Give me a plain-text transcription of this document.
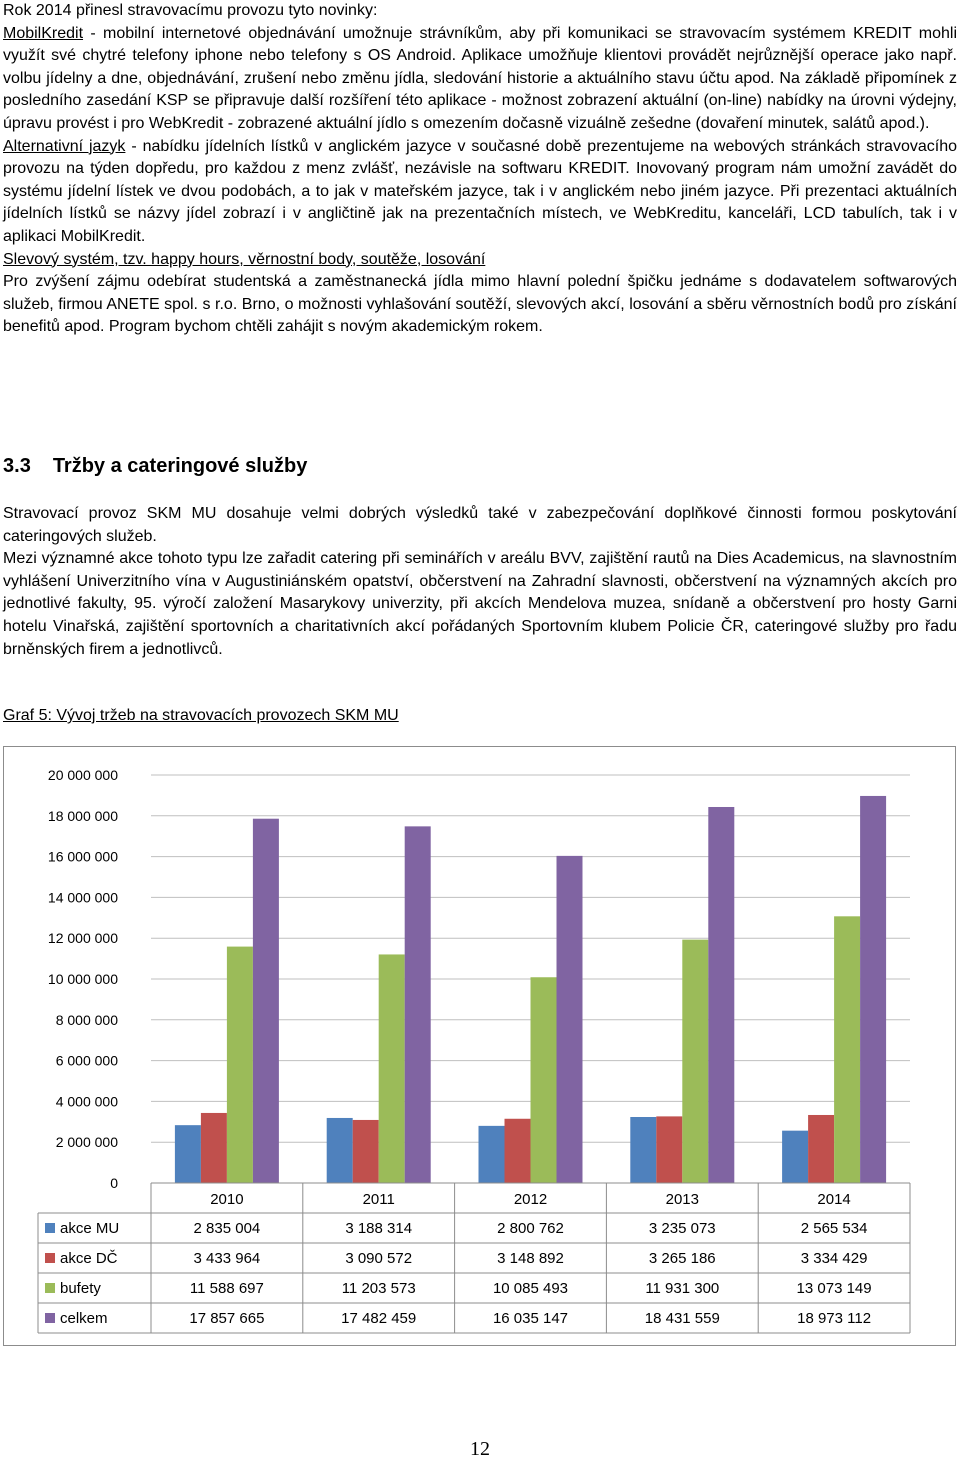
Rok 2014 přinesl stravovacímu provozu tyto novinky:

MobilKredit - mobilní internetové objednávání umožnuje strávníkům, aby při komunikaci se stravovacím systémem KREDIT mohli využít své chytré telefony iphone nebo telefony s OS Android. Aplikace umožňuje klientovi provádět nejrůznější operace jako např. volbu jídelny a dne, objednávání, zrušení nebo změnu jídla, sledování historie a aktuálního stavu účtu apod. Na základě připomínek z posledního zasedání KSP se připravuje další rozšíření této aplikace - možnost zobrazení aktuální (on-line) nabídky na úrovni výdejny, úpravu provést i pro WebKredit - zobrazené aktuální jídlo s omezením dočasně vizuálně zešedne (dovaření minutek, salátů apod.).

Alternativní jazyk - nabídku jídelních lístků v anglickém jazyce v současné době prezentujeme na webových stránkách stravovacího provozu na týden dopředu, pro každou z menz zvlášť, nezávisle na softwaru KREDIT. Inovovaný program nám umožní zavádět do systému jídelní lístek ve dvou podobách, a to jak v mateřském jazyce, tak i v anglickém nebo jiném jazyce. Při prezentaci aktuálních jídelních lístků se názvy jídel zobrazí i v angličtině jak na prezentačních místech, ve WebKreditu, kanceláři, LCD tabulích, tak i v aplikaci MobilKredit.

Slevový systém, tzv. happy hours, věrnostní body, soutěže, losování

Pro zvýšení zájmu odebírat studentská a zaměstnanecká jídla mimo hlavní polední špičku jednáme s dodavatelem softwarových služeb, firmou ANETE spol. s r.o. Brno, o možnosti vyhlašování soutěží, slevových akcí, losování a sběru věrnostních bodů pro získání benefitů apod. Program bychom chtěli zahájit s novým akademickým rokem.

3.3 Tržby a cateringové služby

Stravovací provoz SKM MU dosahuje velmi dobrých výsledků také v zabezpečování doplňkové činnosti formou poskytování cateringových služeb.

Mezi významné akce tohoto typu lze zařadit catering při seminářích v areálu BVV, zajištění rautů na Dies Academicus, na slavnostním vyhlášení Univerzitního vína v Augustiniánském opatství, občerstvení na Zahradní slavnosti, občerstvení na významných akcích pro jednotlivé fakulty, 95. výročí založení Masarykovy univerzity, při akcích Mendelova muzea, snídaně a občerstvení pro hosty Garni hotelu Vinařská, zajištění sportovních a charitativních akcí pořádaných Sportovním klubem Policie ČR, cateringové služby pro řadu brněnských firem a jednotlivců.

Graf 5: Vývoj tržeb na stravovacích provozech SKM MU
0
2 000 000
4 000 000
6 000 000
8 000 000
10 000 000
12 000 000
14 000 000
16 000 000
18 000 000
20 000 000
2010	2011	2012	2013	2014
akce MU	2 835 004	3 188 314	2 800 762	3 235 073	2 565 534
akce DČ	3 433 964	3 090 572	3 148 892	3 265 186	3 334 429
bufety	11 588 697	11 203 573	10 085 493	11 931 300	13 073 149
celkem	17 857 665	17 482 459	16 035 147	18 431 559	18 973 112
12
